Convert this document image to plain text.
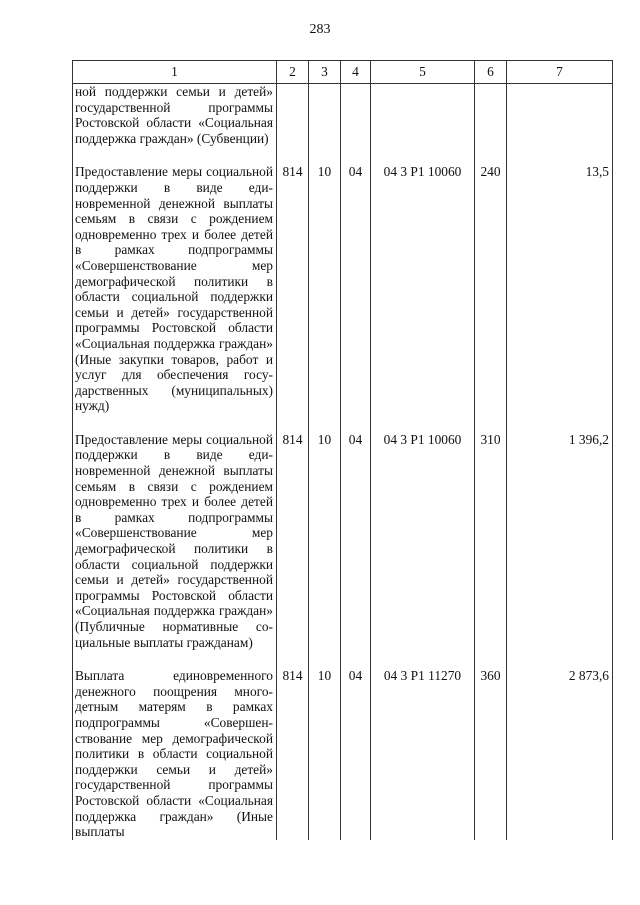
283
1	2	3	4	5	6	7
ной поддержки семьи и детей» государственной программы Ростовской области «Социальная поддержка граждан» (Субвенции)						
Предоставление меры социальной поддержки в виде единовременной денежной выплаты семьям в связи с рождением одновременно трех и более детей в рамках подпрограммы «Совершенствование мер демографической политики в области социальной поддержки семьи и детей» государственной программы Ростовской области «Социальная поддержка граждан» (Иные закупки товаров, работ и услуг для обеспечения государственных (муниципальных) нужд)	814	10	04	04 3 P1 10060	240	13,5
Предоставление меры социальной поддержки в виде единовременной денежной выплаты семьям в связи с рождением одновременно трех и более детей в рамках подпрограммы «Совершенствование мер демографической политики в области социальной поддержки семьи и детей» государственной программы Ростовской области «Социальная поддержка граждан» (Публичные нормативные социальные выплаты гражданам)	814	10	04	04 3 P1 10060	310	1 396,2
Выплата единовременного денежного поощрения многодетным матерям в рамках подпрограммы «Совершенствование мер демографической политики в области социальной поддержки семьи и детей» государственной программы Ростовской области «Социальная поддержка граждан» (Иные выплаты	814	10	04	04 3 P1 11270	360	2 873,6
